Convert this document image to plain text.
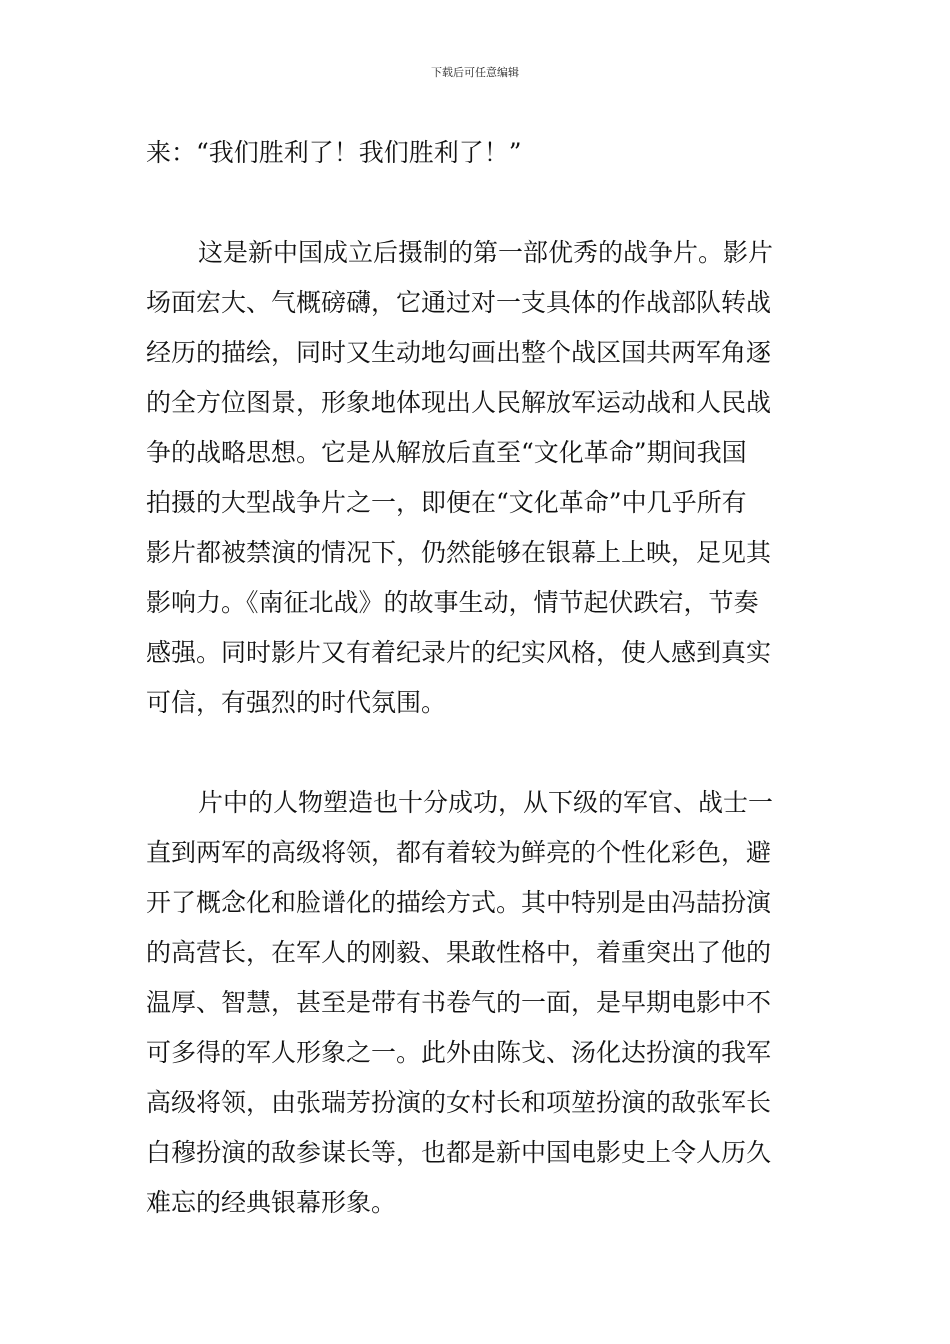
下载后可任意编辑
来：“我们胜利了！我们胜利了！”
这是新中国成立后摄制的第一部优秀的战争片。影片
场面宏大、气概磅礴，它通过对一支具体的作战部队转战
经历的描绘，同时又生动地勾画出整个战区国共两军角逐
的全方位图景，形象地体现出人民解放军运动战和人民战
争的战略思想。它是从解放后直至“文化革命”期间我国
拍摄的大型战争片之一，即便在“文化革命”中几乎所有
影片都被禁演的情况下，仍然能够在银幕上上映，足见其
影响力。《南征北战》的故事生动，情节起伏跌宕，节奏
感强。同时影片又有着纪录片的纪实风格，使人感到真实
可信，有强烈的时代氛围。
片中的人物塑造也十分成功，从下级的军官、战士一
直到两军的高级将领，都有着较为鲜亮的个性化彩色，避
开了概念化和脸谱化的描绘方式。其中特别是由冯喆扮演
的高营长，在军人的刚毅、果敢性格中，着重突出了他的
温厚、智慧，甚至是带有书卷气的一面，是早期电影中不
可多得的军人形象之一。此外由陈戈、汤化达扮演的我军
高级将领，由张瑞芳扮演的女村长和项堃扮演的敌张军长
白穆扮演的敌参谋长等，也都是新中国电影史上令人历久
难忘的经典银幕形象。
